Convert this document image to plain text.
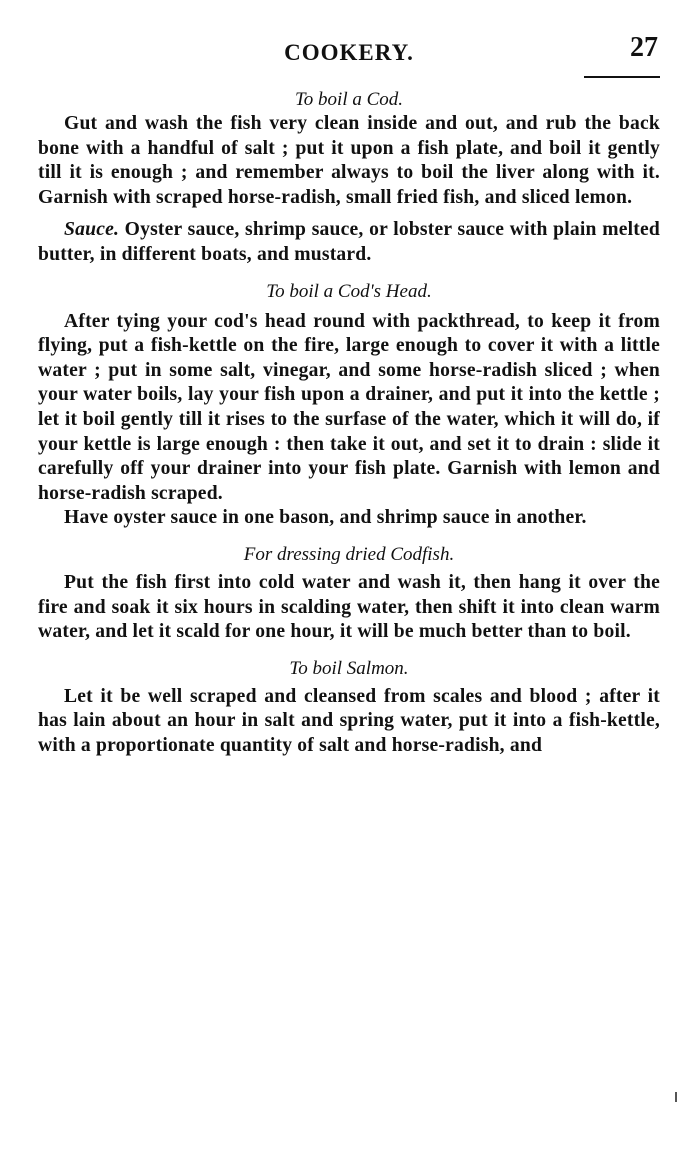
COOKERY.	27

To boil a Cod.

Gut and wash the fish very clean inside and out, and rub the back bone with a handful of salt ; put it upon a fish plate, and boil it gently till it is enough ; and remember always to boil the liver along with it. Garnish with scraped horse-radish, small fried fish, and sliced lemon.

Sauce. Oyster sauce, shrimp sauce, or lobster sauce with plain melted butter, in different boats, and mustard.

To boil a Cod's Head.

After tying your cod's head round with packthread, to keep it from flying, put a fish-kettle on the fire, large enough to cover it with a little water ; put in some salt, vinegar, and some horse-radish sliced ; when your water boils, lay your fish upon a drainer, and put it into the kettle ; let it boil gently till it rises to the surfase of the water, which it will do, if your kettle is large enough : then take it out, and set it to drain : slide it carefully off your drainer into your fish plate. Garnish with lemon and horse-radish scraped.

Have oyster sauce in one bason, and shrimp sauce in another.

For dressing dried Codfish.

Put the fish first into cold water and wash it, then hang it over the fire and soak it six hours in scalding water, then shift it into clean warm water, and let it scald for one hour, it will be much better than to boil.

To boil Salmon.

Let it be well scraped and cleansed from scales and blood ; after it has lain about an hour in salt and spring water, put it into a fish-kettle, with a proportionate quantity of salt and horse-radish, and
